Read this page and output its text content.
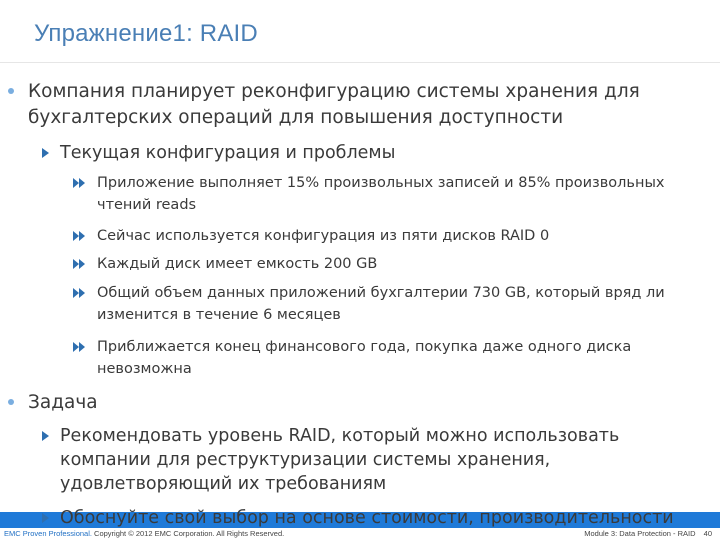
Упражнение1: RAID
Компания планирует реконфигурацию системы хранения для бухгалтерских операций для повышения доступности
Текущая конфигурация и проблемы
Приложение выполняет 15% произвольных записей и 85% произвольных чтений reads
Сейчас используется конфигурация из пяти дисков RAID 0
Каждый диск имеет емкость 200 GB
Общий объем данных приложений бухгалтерии 730 GB, который вряд ли изменится в течение 6 месяцев
Приближается конец финансового года, покупка даже одного диска невозможна
Задача
Рекомендовать уровень RAID, который можно использовать компании для реструктуризации системы хранения, удовлетворяющий их требованиям
EMC Proven Professional. Copyright © 2012 EMC Corporation. All Rights Reserved.	Module 3: Data Protection - RAID 40
Обоснуйте свой выбор на основе стоимости, производительности
